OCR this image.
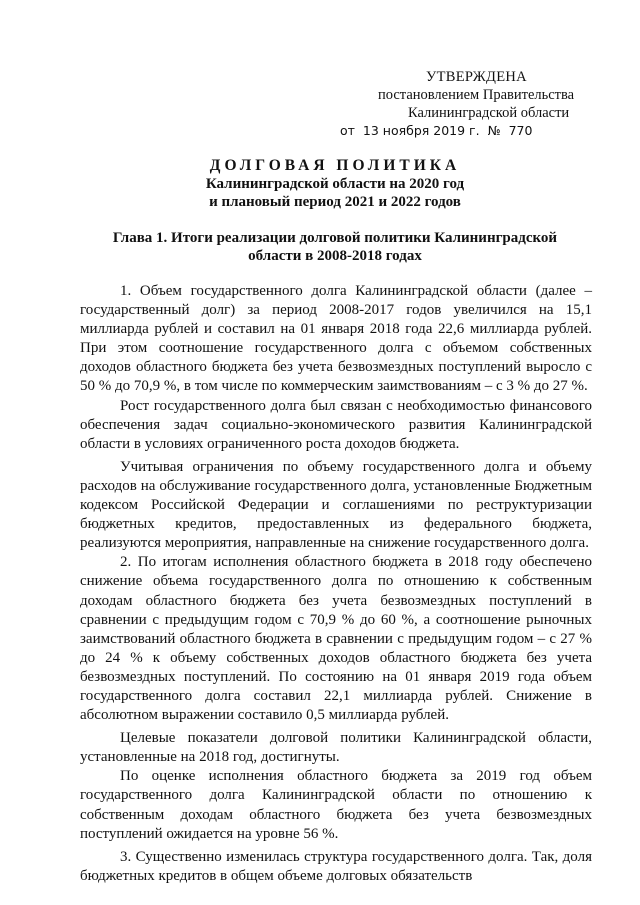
УТВЕРЖДЕНА
постановлением Правительства
Калининградской области
от 13 ноября 2019 г. № 770
ДОЛГОВАЯ ПОЛИТИКА
Калининградской области на 2020 год
и плановый период 2021 и 2022 годов
Глава 1. Итоги реализации долговой политики Калининградской
области в 2008-2018 годах

1. Объем государственного долга Калининградской области (далее – государственный долг) за период 2008-2017 годов увеличился на 15,1 миллиарда рублей и составил на 01 января 2018 года 22,6 миллиарда рублей. При этом соотношение государственного долга с объемом собственных доходов областного бюджета без учета безвозмездных поступлений выросло с 50 % до 70,9 %, в том числе по коммерческим заимствованиям – с 3 % до 27 %.

Рост государственного долга был связан с необходимостью финансового обеспечения задач социально-экономического развития Калининградской области в условиях ограниченного роста доходов бюджета.

Учитывая ограничения по объему государственного долга и объему расходов на обслуживание государственного долга, установленные Бюджетным кодексом Российской Федерации и соглашениями по реструктуризации бюджетных кредитов, предоставленных из федерального бюджета, реализуются мероприятия, направленные на снижение государственного долга.

2. По итогам исполнения областного бюджета в 2018 году обеспечено снижение объема государственного долга по отношению к собственным доходам областного бюджета без учета безвозмездных поступлений в сравнении с предыдущим годом с 70,9 % до 60 %, а соотношение рыночных заимствований областного бюджета в сравнении с предыдущим годом – с 27 % до 24 % к объему собственных доходов областного бюджета без учета безвозмездных поступлений. По состоянию на 01 января 2019 года объем государственного долга составил 22,1 миллиарда рублей. Снижение в абсолютном выражении составило 0,5 миллиарда рублей.

Целевые показатели долговой политики Калининградской области, установленные на 2018 год, достигнуты.

По оценке исполнения областного бюджета за 2019 год объем государственного долга Калининградской области по отношению к собственным доходам областного бюджета без учета безвозмездных поступлений ожидается на уровне 56 %.

3. Существенно изменилась структура государственного долга. Так, доля бюджетных кредитов в общем объеме долговых обязательств
